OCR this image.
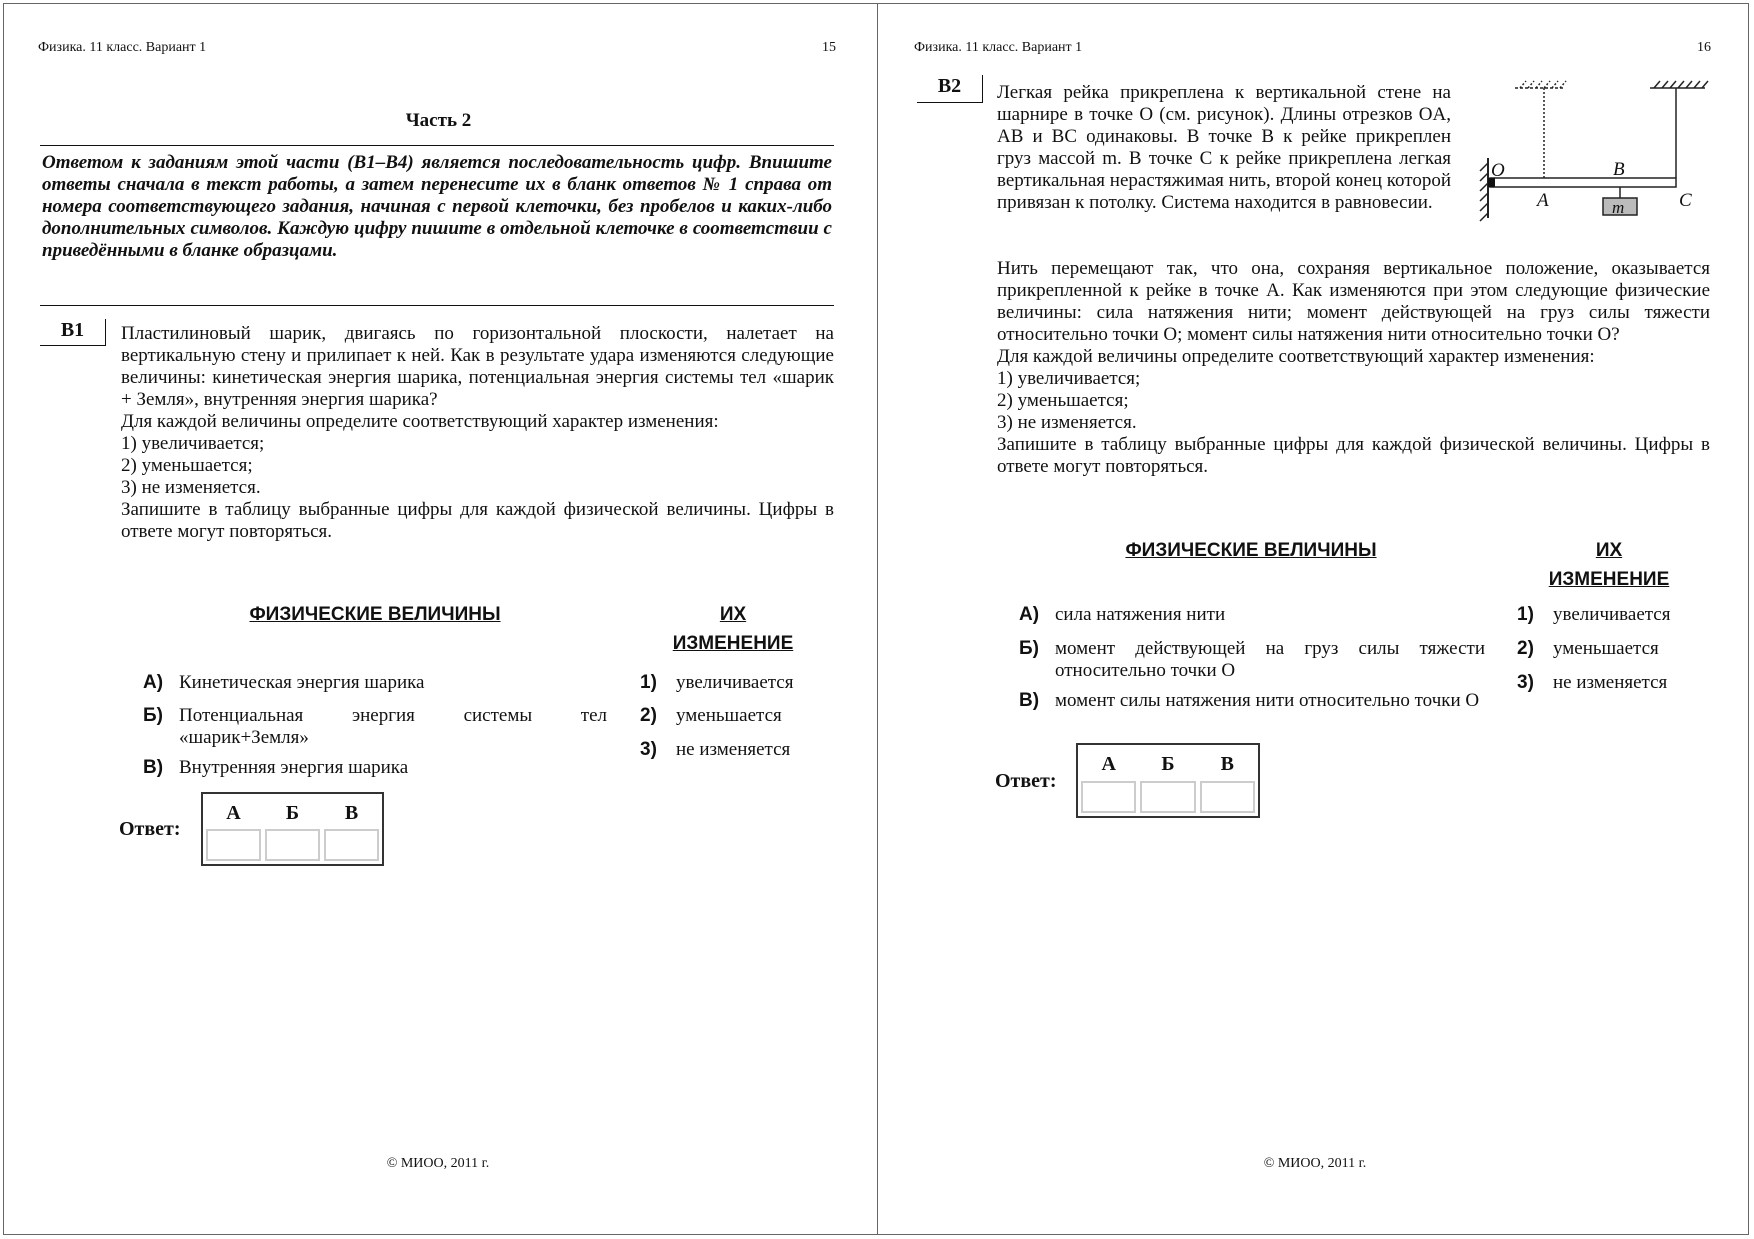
Физика. 11 класс. Вариант 1	15
Часть 2
Ответом к заданиям этой части (В1–В4) является последовательность цифр. Впишите ответы сначала в текст работы, а затем перенесите их в бланк ответов № 1 справа от номера соответствующего задания, начиная с первой клеточки, без пробелов и каких-либо дополнительных символов. Каждую цифру пишите в отдельной клеточке в соответствии с приведёнными в бланке образцами.
В1	Пластилиновый шарик, двигаясь по горизонтальной плоскости, налетает на вертикальную стену и прилипает к ней. Как в результате удара изменяются следующие величины: кинетическая энергия шарика, потенциальная энергия системы тел «шарик + Земля», внутренняя энергия шарика?

Для каждой величины определите соответствующий характер изменения:

1) увеличивается;

2) уменьшается;

3) не изменяется.

Запишите в таблицу выбранные цифры для каждой физической величины. Цифры в ответе могут повторяться.

ФИЗИЧЕСКИЕ ВЕЛИЧИНЫ	ИХ
ИЗМЕНЕНИЕ
А) Кинетическая энергия шарика
Б) Потенциальная энергия системы тел «шарик+Земля»
В) Внутренняя энергия шарика
1)	увеличивается
2)	уменьшается
3)	не изменяется
Ответ:
А	Б	В
© МИОО, 2011 г.
Физика. 11 класс. Вариант 1	16
В2	Легкая рейка прикреплена к вертикальной стене на шарнире в точке O (см. рисунок). Длины отрезков OA, AB и BC одинаковы. В точке B к рейке прикреплен груз массой m. В точке C к рейке прикреплена легкая вертикальная нерастяжимая нить, второй конец которой привязан к потолку. Система находится в равновесии.
O
A
B
C
m

Нить перемещают так, что она, сохраняя вертикальное положение, оказывается прикрепленной к рейке в точке A. Как изменяются при этом следующие физические величины: сила натяжения нити; момент действующей на груз силы тяжести относительно точки O; момент силы натяжения нити относительно точки O?

Для каждой величины определите соответствующий характер изменения:

1) увеличивается;

2) уменьшается;

3) не изменяется.

Запишите в таблицу выбранные цифры для каждой физической величины. Цифры в ответе могут повторяться.

ФИЗИЧЕСКИЕ ВЕЛИЧИНЫ	ИХ
ИЗМЕНЕНИЕ
А) сила натяжения нити
Б) момент действующей на груз силы тяжести относительно точки O
В) момент силы натяжения нити относительно точки O
1)	увеличивается
2)	уменьшается
3)	не изменяется
Ответ:
А	Б	В
© МИОО, 2011 г.
